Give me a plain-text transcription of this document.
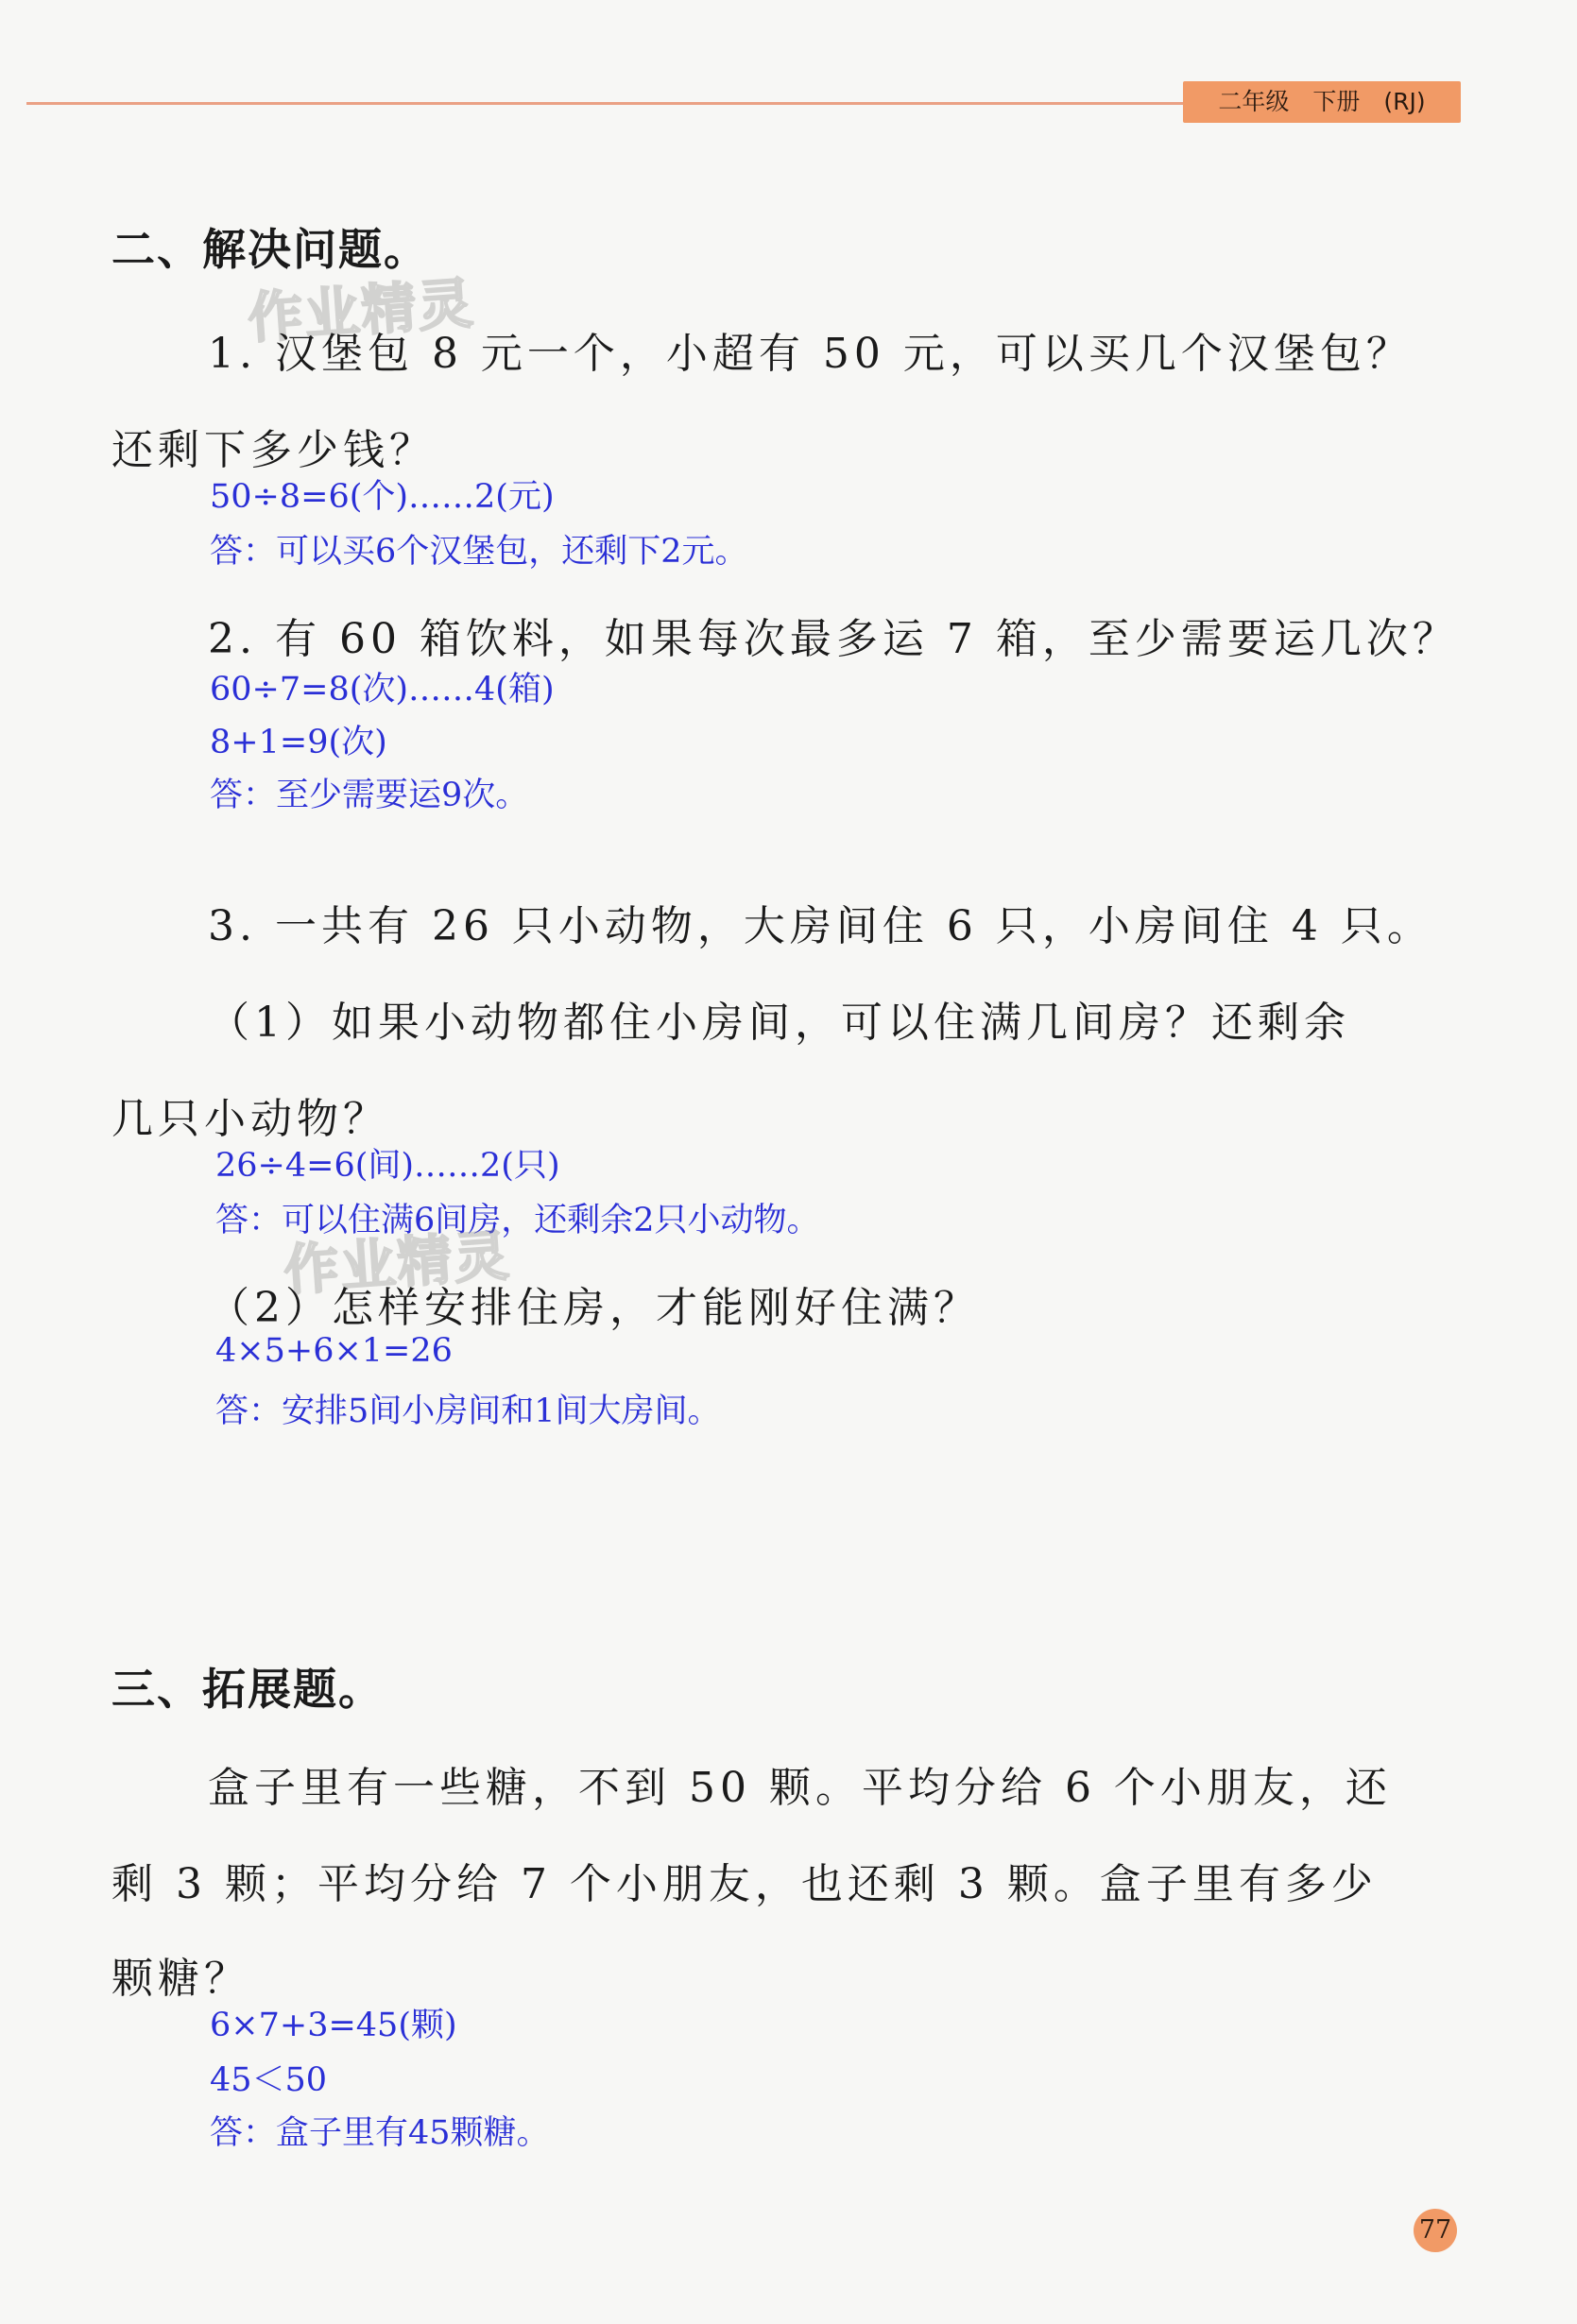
二年级　下册　(RJ)
二、解决问题。
作业精灵
1. 汉堡包 8 元一个，小超有 50 元，可以买几个汉堡包？
还剩下多少钱？
50÷8=6(个)……2(元)
答：可以买6个汉堡包，还剩下2元。
2. 有 60 箱饮料，如果每次最多运 7 箱，至少需要运几次？
60÷7=8(次)……4(箱)
8+1=9(次)
答：至少需要运9次。
3. 一共有 26 只小动物，大房间住 6 只，小房间住 4 只。
（1）如果小动物都住小房间，可以住满几间房？还剩余
几只小动物？
26÷4=6(间)……2(只)
答：可以住满6间房，还剩余2只小动物。
作业精灵
（2）怎样安排住房，才能刚好住满？
4×5+6×1=26
答：安排5间小房间和1间大房间。
三、拓展题。
盒子里有一些糖，不到 50 颗。平均分给 6 个小朋友，还
剩 3 颗；平均分给 7 个小朋友，也还剩 3 颗。盒子里有多少
颗糖？
6×7+3=45(颗)
45＜50
答：盒子里有45颗糖。
77
